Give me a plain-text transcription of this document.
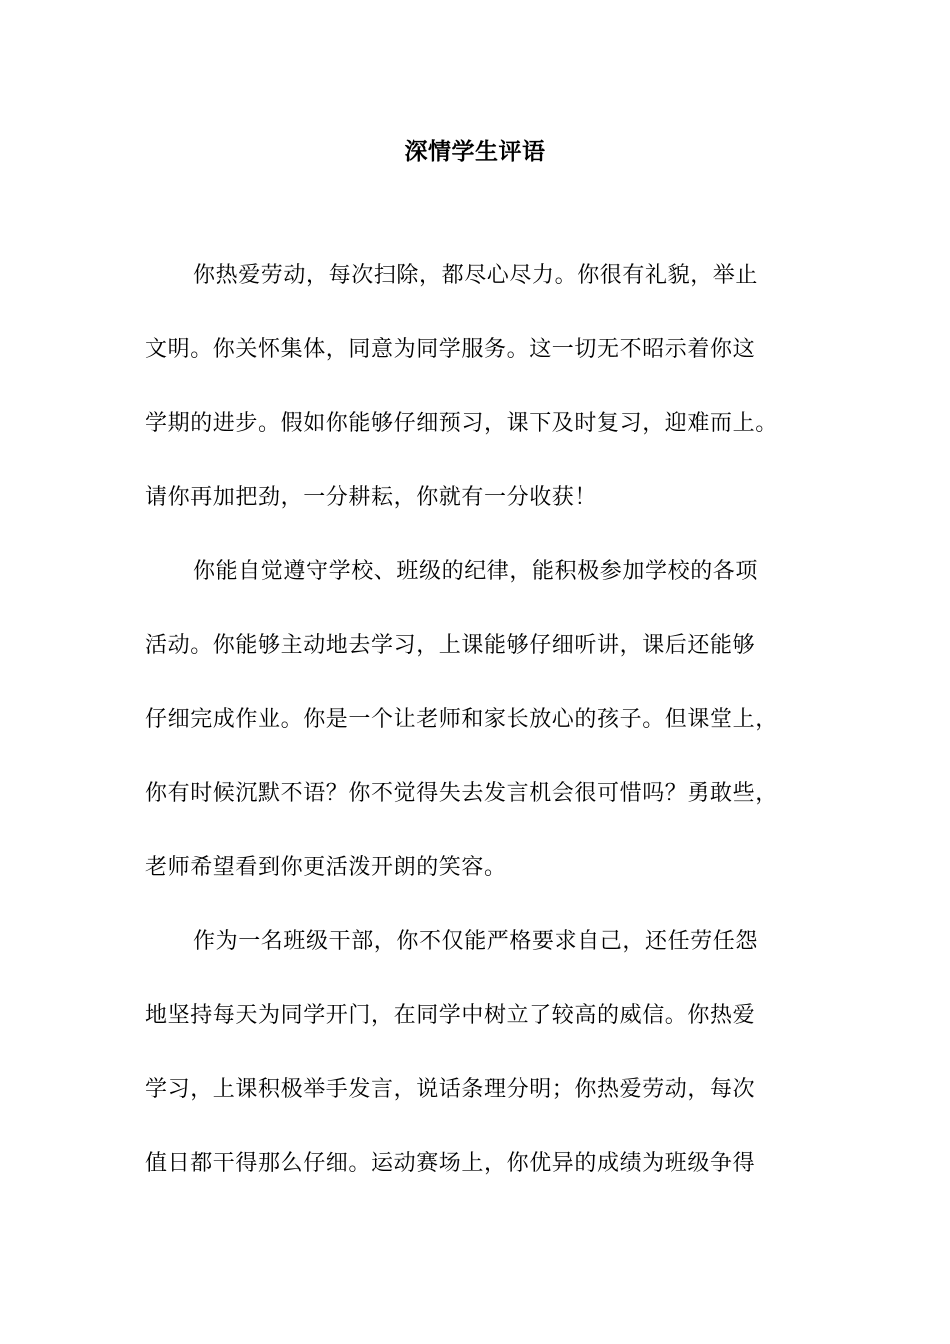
深情学生评语
你热爱劳动，每次扫除，都尽心尽力。你很有礼貌，举止
文明。你关怀集体，同意为同学服务。这一切无不昭示着你这
学期的进步。假如你能够仔细预习，课下及时复习，迎难而上。
请你再加把劲，一分耕耘，你就有一分收获！
你能自觉遵守学校、班级的纪律，能积极参加学校的各项
活动。你能够主动地去学习，上课能够仔细听讲，课后还能够
仔细完成作业。你是一个让老师和家长放心的孩子。但课堂上，
你有时候沉默不语？你不觉得失去发言机会很可惜吗？勇敢些，
老师希望看到你更活泼开朗的笑容。
作为一名班级干部，你不仅能严格要求自己，还任劳任怨
地坚持每天为同学开门，在同学中树立了较高的威信。你热爱
学习，上课积极举手发言，说话条理分明；你热爱劳动，每次
值日都干得那么仔细。运动赛场上，你优异的成绩为班级争得
